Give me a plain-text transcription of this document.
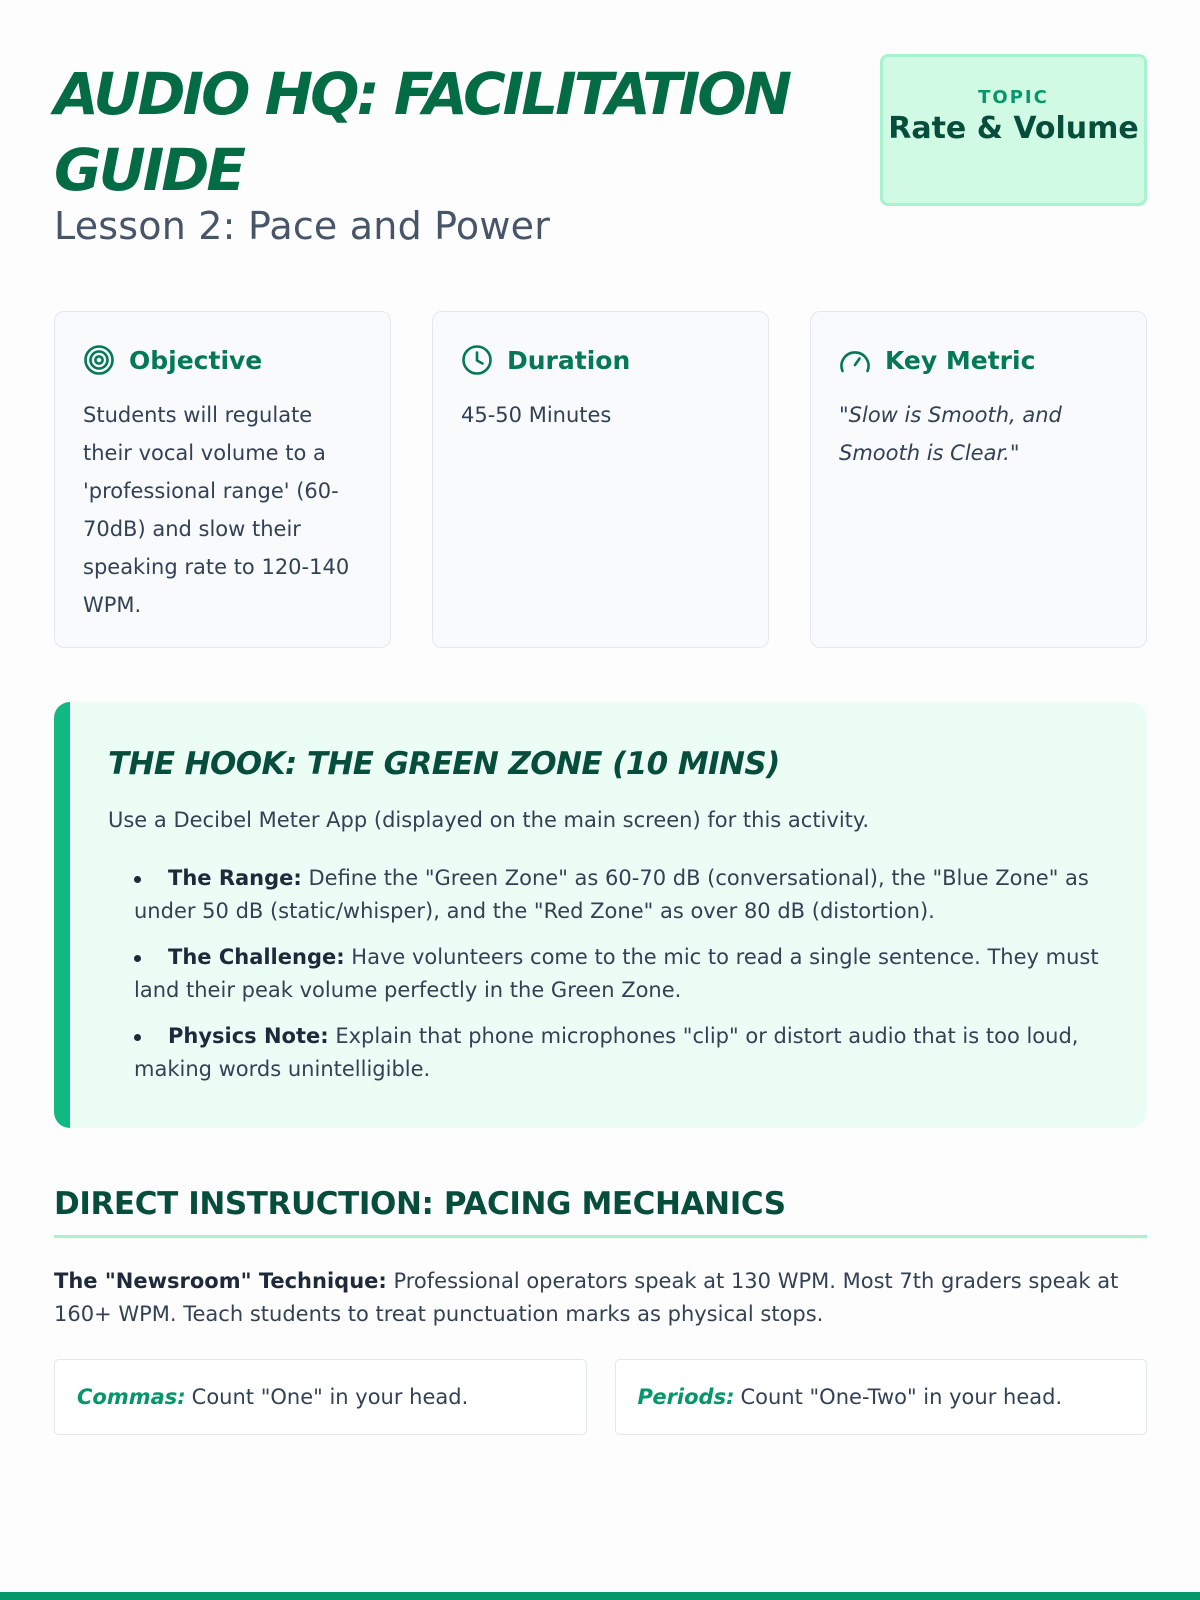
AUDIO HQ: FACILITATION GUIDE
Lesson 2: Pace and Power
TOPIC
Rate & Volume
Objective
Students will regulate their vocal volume to a 'professional range' (60-70dB) and slow their speaking rate to 120-140 WPM.
Duration
45-50 Minutes
Key Metric
"Slow is Smooth, and Smooth is Clear."
THE HOOK: THE GREEN ZONE (10 MINS)

Use a Decibel Meter App (displayed on the main screen) for this activity.

The Range: Define the "Green Zone" as 60-70 dB (conversational), the "Blue Zone" as under 50 dB (static/whisper), and the "Red Zone" as over 80 dB (distortion).
The Challenge: Have volunteers come to the mic to read a single sentence. They must land their peak volume perfectly in the Green Zone.
Physics Note: Explain that phone microphones "clip" or distort audio that is too loud, making words unintelligible.
DIRECT INSTRUCTION: PACING MECHANICS

The "Newsroom" Technique: Professional operators speak at 130 WPM. Most 7th graders speak at 160+ WPM. Teach students to treat punctuation marks as physical stops.

Commas: Count "One" in your head.	Periods: Count "One-Two" in your head.
